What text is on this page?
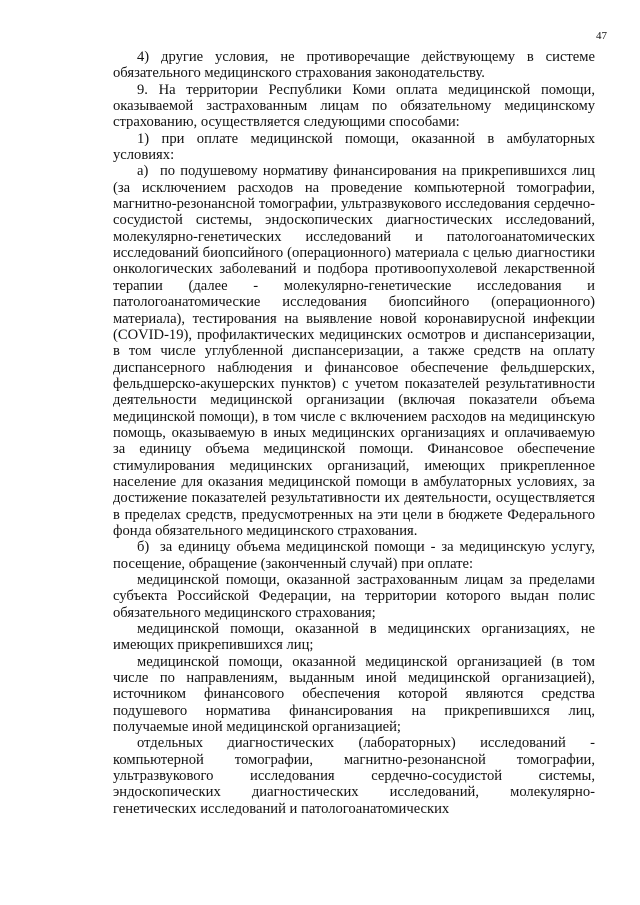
47

4) другие условия, не противоречащие действующему в системе обязательного медицинского страхования законодательству.

9. На территории Республики Коми оплата медицинской помощи, оказываемой застрахованным лицам по обязательному медицинскому страхованию, осуществляется следующими способами:

1) при оплате медицинской помощи, оказанной в амбулаторных условиях:

а) по подушевому нормативу финансирования на прикрепившихся лиц (за исключением расходов на проведение компьютерной томографии, магнитно-резонансной томографии, ультразвукового исследования сердечно-сосудистой системы, эндоскопических диагностических исследований, молекулярно-генетических исследований и патологоанатомических исследований биопсийного (операционного) материала с целью диагностики онкологических заболеваний и подбора противоопухолевой лекарственной терапии (далее - молекулярно-генетические исследования и патологоанатомические исследования биопсийного (операционного) материала), тестирования на выявление новой коронавирусной инфекции (COVID-19), профилактических медицинских осмотров и диспансеризации, в том числе углубленной диспансеризации, а также средств на оплату диспансерного наблюдения и финансовое обеспечение фельдшерских, фельдшерско-акушерских пунктов) с учетом показателей результативности деятельности медицинской организации (включая показатели объема медицинской помощи), в том числе с включением расходов на медицинскую помощь, оказываемую в иных медицинских организациях и оплачиваемую за единицу объема медицинской помощи. Финансовое обеспечение стимулирования медицинских организаций, имеющих прикрепленное население для оказания медицинской помощи в амбулаторных условиях, за достижение показателей результативности их деятельности, осуществляется в пределах средств, предусмотренных на эти цели в бюджете Федерального фонда обязательного медицинского страхования.

б) за единицу объема медицинской помощи - за медицинскую услугу, посещение, обращение (законченный случай) при оплате:

медицинской помощи, оказанной застрахованным лицам за пределами субъекта Российской Федерации, на территории которого выдан полис обязательного медицинского страхования;

медицинской помощи, оказанной в медицинских организациях, не имеющих прикрепившихся лиц;

медицинской помощи, оказанной медицинской организацией (в том числе по направлениям, выданным иной медицинской организацией), источником финансового обеспечения которой являются средства подушевого норматива финансирования на прикрепившихся лиц, получаемые иной медицинской организацией;

отдельных диагностических (лабораторных) исследований - компьютерной томографии, магнитно-резонансной томографии, ультразвукового исследования сердечно-сосудистой системы, эндоскопических диагностических исследований, молекулярно-генетических исследований и патологоанатомических
